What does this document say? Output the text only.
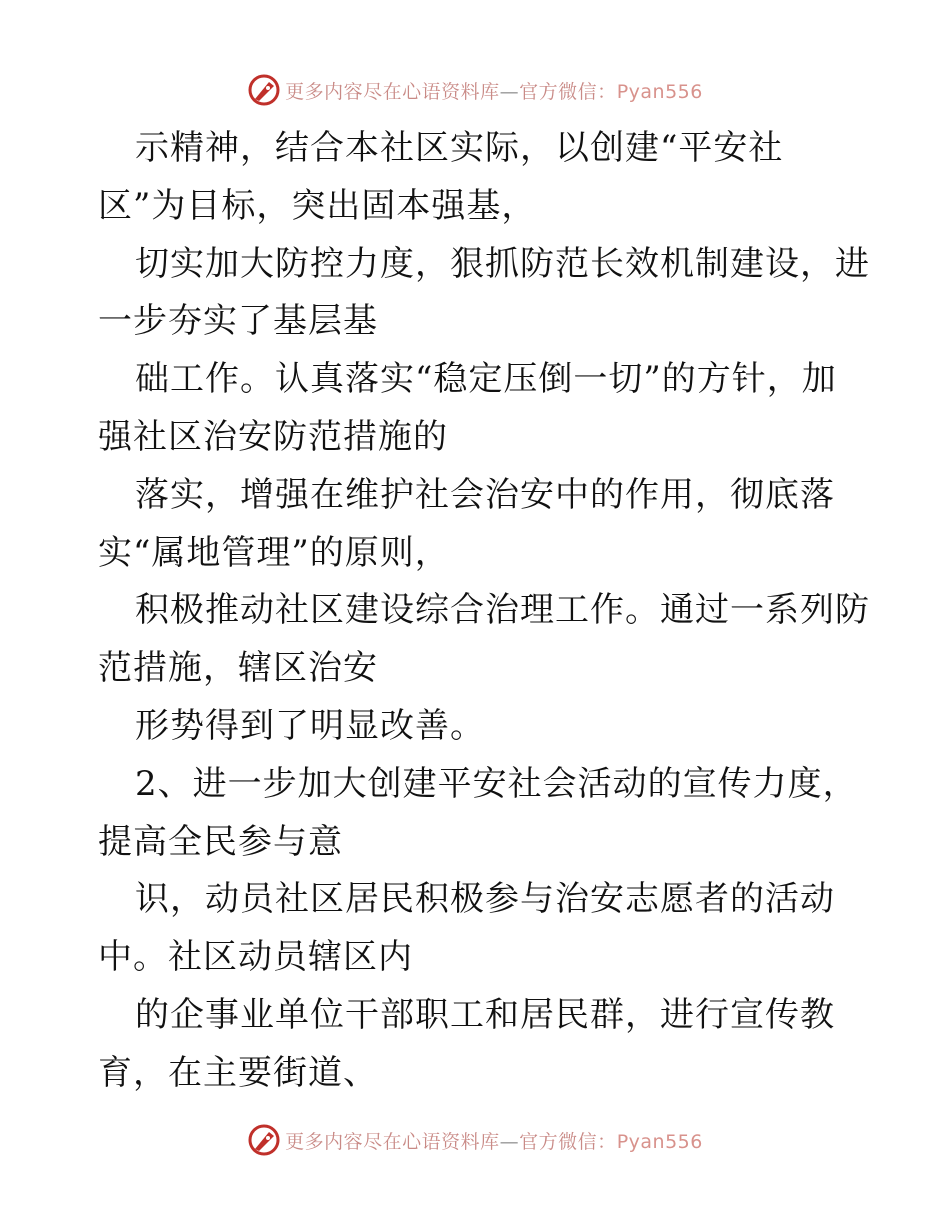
更多内容尽在心语资料库—官方微信：Pyan556
示精神，结合本社区实际，以创建“平安社
区”为目标，突出固本强基，
切实加大防控力度，狠抓防范长效机制建设，进
一步夯实了基层基
础工作。认真落实“稳定压倒一切”的方针，加
强社区治安防范措施的
落实，增强在维护社会治安中的作用，彻底落
实“属地管理”的原则，
积极推动社区建设综合治理工作。通过一系列防
范措施，辖区治安
形势得到了明显改善。
2、进一步加大创建平安社会活动的宣传力度，
提高全民参与意
识，动员社区居民积极参与治安志愿者的活动
中。社区动员辖区内
的企事业单位干部职工和居民群，进行宣传教
育，在主要街道、
更多内容尽在心语资料库—官方微信：Pyan556
